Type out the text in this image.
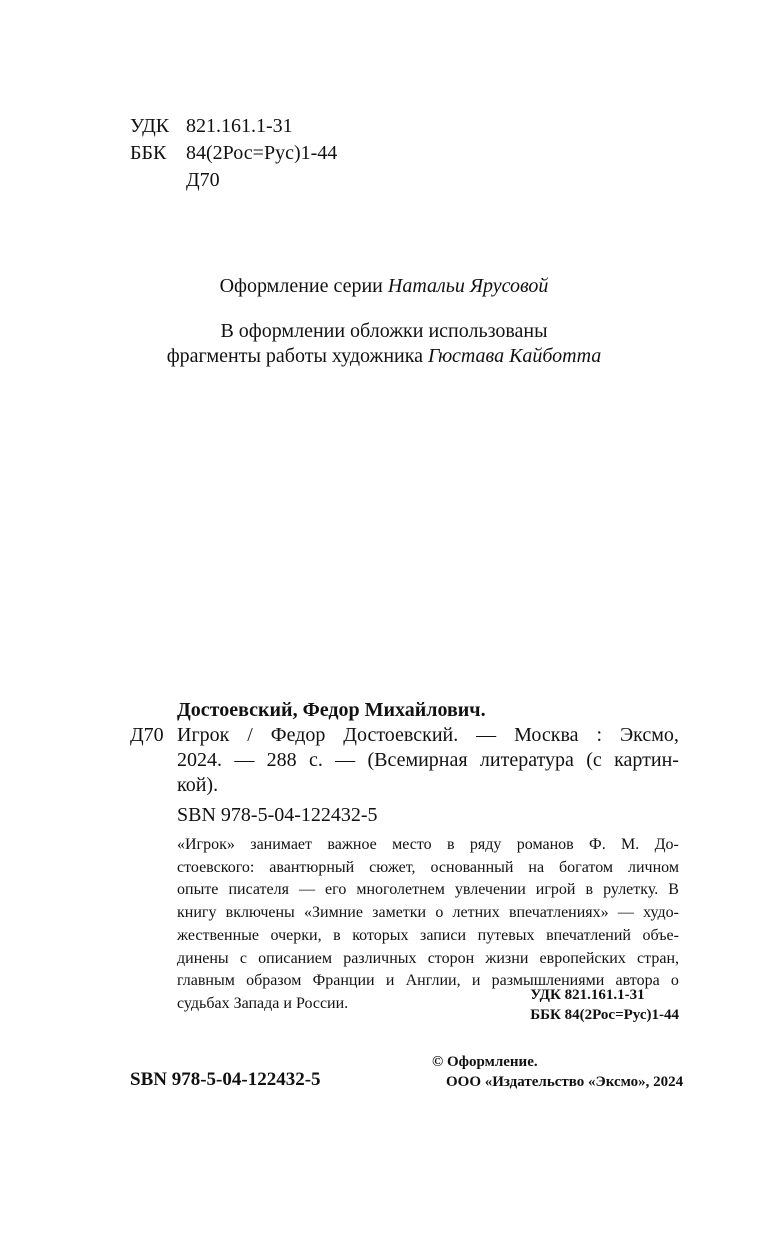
УДК 821.161.1-31
ББК 84(2Рос=Рус)1-44
Д70
Оформление серии Натальи Ярусовой
В оформлении обложки использованы
фрагменты работы художника Гюстава Кайботта
Достоевский, Федор Михайлович.
Д70 Игрок / Федор Достоевский. — Москва : Эксмо,
2024. — 288 с. — (Всемирная литература (с картин-
кой).
SBN 978-5-04-122432-5
«Игрок» занимает важное место в ряду романов Ф. М. До-
стоевского: авантюрный сюжет, основанный на богатом личном
опыте писателя — его многолетнем увлечении игрой в рулетку. В
книгу включены «Зимние заметки о летних впечатлениях» — худо-
жественные очерки, в которых записи путевых впечатлений объе-
динены с описанием различных сторон жизни европейских стран,
главным образом Франции и Англии, и размышлениями автора о
судьбах Запада и России.	УДК 821.161.1-31
ББК 84(2Рос=Рус)1-44
© Оформление.
ООО «Издательство «Эксмо», 2024
SBN 978-5-04-122432-5
